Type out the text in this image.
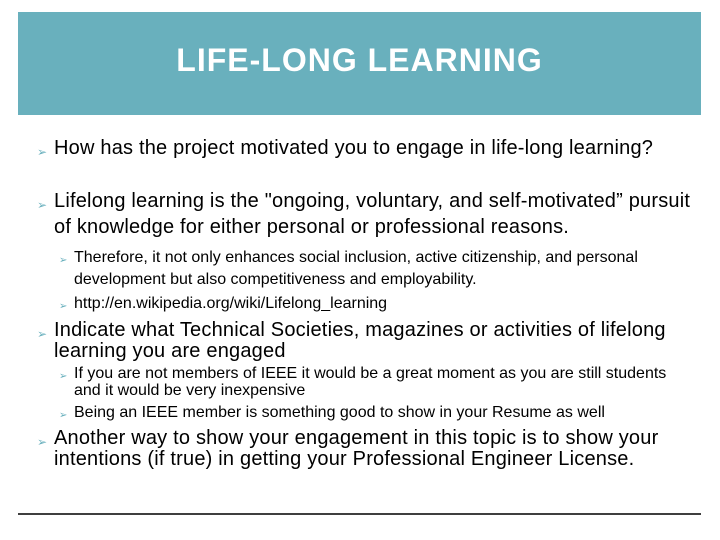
LIFE-LONG LEARNING
➢ How has the project motivated you to engage in life-long learning?
➢ Lifelong learning is the "ongoing, voluntary, and self-motivated” pursuit of knowledge for either personal or professional reasons.
➢ Therefore, it not only enhances social inclusion, active citizenship, and personal development but also competitiveness and employability.
➢ http://en.wikipedia.org/wiki/Lifelong_learning
➢ Indicate what Technical Societies, magazines or activities of lifelong learning you are engaged
➢ If you are not members of IEEE it would be a great moment as you are still students and it would be very inexpensive
➢ Being an IEEE member is something good to show in your Resume as well
➢ Another way to show your engagement in this topic is to show your intentions (if true) in getting your Professional Engineer License.
